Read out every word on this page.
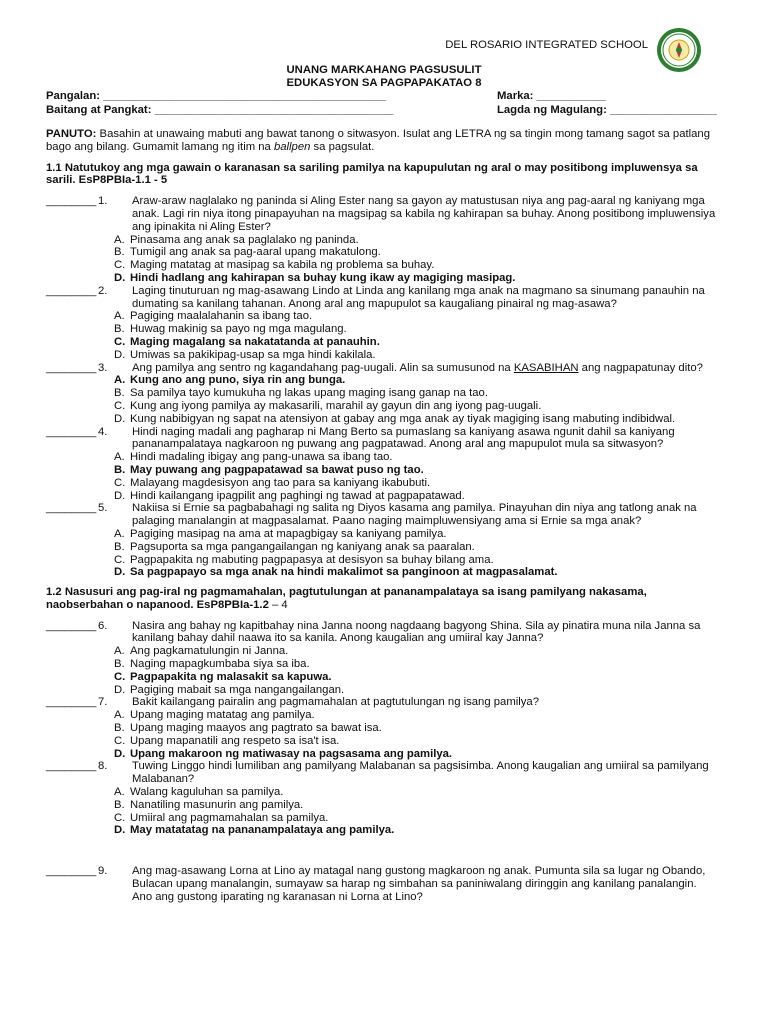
DEL ROSARIO INTEGRATED SCHOOL
UNANG MARKAHANG PAGSUSULIT
EDUKASYON SA PAGPAPAKATAO 8
Pangalan: _____________________________________________	Marka: ___________
Baitang at Pangkat: ______________________________________	Lagda ng Magulang: _________________

PANUTO: Basahin at unawaing mabuti ang bawat tanong o sitwasyon. Isulat ang LETRA ng sa tingin mong tamang sagot sa patlang bago ang bilang. Gumamit lamang ng itim na ballpen sa pagsulat.

1.1 Natutukoy ang mga gawain o karanasan sa sariling pamilya na kapupulutan ng aral o may positibong impluwensya sa sarili. EsP8PBIa-1.1 - 5

________ 1. Araw-araw naglalako ng paninda si Aling Ester nang sa gayon ay matustusan niya ang pag-aaral ng kaniyang mga anak. Lagi rin niya itong pinapayuhan na magsipag sa kabila ng kahirapan sa buhay. Anong positibong impluwensiya ang ipinakita ni Aling Ester?
A. Pinasama ang anak sa paglalako ng paninda.
B. Tumigil ang anak sa pag-aaral upang makatulong.
C. Maging matatag at masipag sa kabila ng problema sa buhay.
D. Hindi hadlang ang kahirapan sa buhay kung ikaw ay magiging masipag.
________ 2. Laging tinuturuan ng mag-asawang Lindo at Linda ang kanilang mga anak na magmano sa sinumang panauhin na dumating sa kanilang tahanan. Anong aral ang mapupulot sa kaugaliang pinairal ng mag-asawa?
A. Pagiging maalalahanin sa ibang tao.
B. Huwag makinig sa payo ng mga magulang.
C. Maging magalang sa nakatatanda at panauhin.
D. Umiwas sa pakikipag-usap sa mga hindi kakilala.
________ 3. Ang pamilya ang sentro ng kagandahang pag-uugali. Alin sa sumusunod na KASABIHAN ang nagpapatunay dito?
A. Kung ano ang puno, siya rin ang bunga.
B. Sa pamilya tayo kumukuha ng lakas upang maging isang ganap na tao.
C. Kung ang iyong pamilya ay makasarili, marahil ay gayun din ang iyong pag-uugali.
D. Kung nabibigyan ng sapat na atensiyon at gabay ang mga anak ay tiyak magiging isang mabuting indibidwal.
________ 4. Hindi naging madali ang pagharap ni Mang Berto sa pumaslang sa kaniyang asawa ngunit dahil sa kaniyang pananampalataya nagkaroon ng puwang ang pagpatawad. Anong aral ang mapupulot mula sa sitwasyon?
A. Hindi madaling ibigay ang pang-unawa sa ibang tao.
B. May puwang ang pagpapatawad sa bawat puso ng tao.
C. Malayang magdesisyon ang tao para sa kaniyang ikabubuti.
D. Hindi kailangang ipagpilit ang paghingi ng tawad at pagpapatawad.
________ 5. Nakiisa si Ernie sa pagbabahagi ng salita ng Diyos kasama ang pamilya. Pinayuhan din niya ang tatlong anak na palaging manalangin at magpasalamat. Paano naging maimpluwensiyang ama si Ernie sa mga anak?
A. Pagiging masipag na ama at mapagbigay sa kaniyang pamilya.
B. Pagsuporta sa mga pangangailangan ng kaniyang anak sa paaralan.
C. Pagpapakita ng mabuting pagpapasya at desisyon sa buhay bilang ama.
D. Sa pagpapayo sa mga anak na hindi makalimot sa panginoon at magpasalamat.

1.2 Nasusuri ang pag-iral ng pagmamahalan, pagtutulungan at pananampalataya sa isang pamilyang nakasama, naobserbahan o napanood. EsP8PBIa-1.2 – 4

________ 6. Nasira ang bahay ng kapitbahay nina Janna noong nagdaang bagyong Shina. Sila ay pinatira muna nila Janna sa kanilang bahay dahil naawa ito sa kanila. Anong kaugalian ang umiiral kay Janna?
A. Ang pagkamatulungin ni Janna.
B. Naging mapagkumbaba siya sa iba.
C. Pagpapakita ng malasakit sa kapuwa.
D. Pagiging mabait sa mga nangangailangan.
________ 7. Bakit kailangang pairalin ang pagmamahalan at pagtutulungan ng isang pamilya?
A. Upang maging matatag ang pamilya.
B. Upang maging maayos ang pagtrato sa bawat isa.
C. Upang mapanatili ang respeto sa isa't isa.
D. Upang makaroon ng matiwasay na pagsasama ang pamilya.
________ 8. Tuwing Linggo hindi lumiliban ang pamilyang Malabanan sa pagsisimba. Anong kaugalian ang umiiral sa pamilyang Malabanan?
A. Walang kaguluhan sa pamilya.
B. Nanatiling masunurin ang pamilya.
C. Umiiral ang pagmamahalan sa pamilya.
D. May matatatag na pananampalataya ang pamilya.
________ 9. Ang mag-asawang Lorna at Lino ay matagal nang gustong magkaroon ng anak. Pumunta sila sa lugar ng Obando, Bulacan upang manalangin, sumayaw sa harap ng simbahan sa paniniwalang diringgin ang kanilang panalangin. Ano ang gustong iparating ng karanasan ni Lorna at Lino?
